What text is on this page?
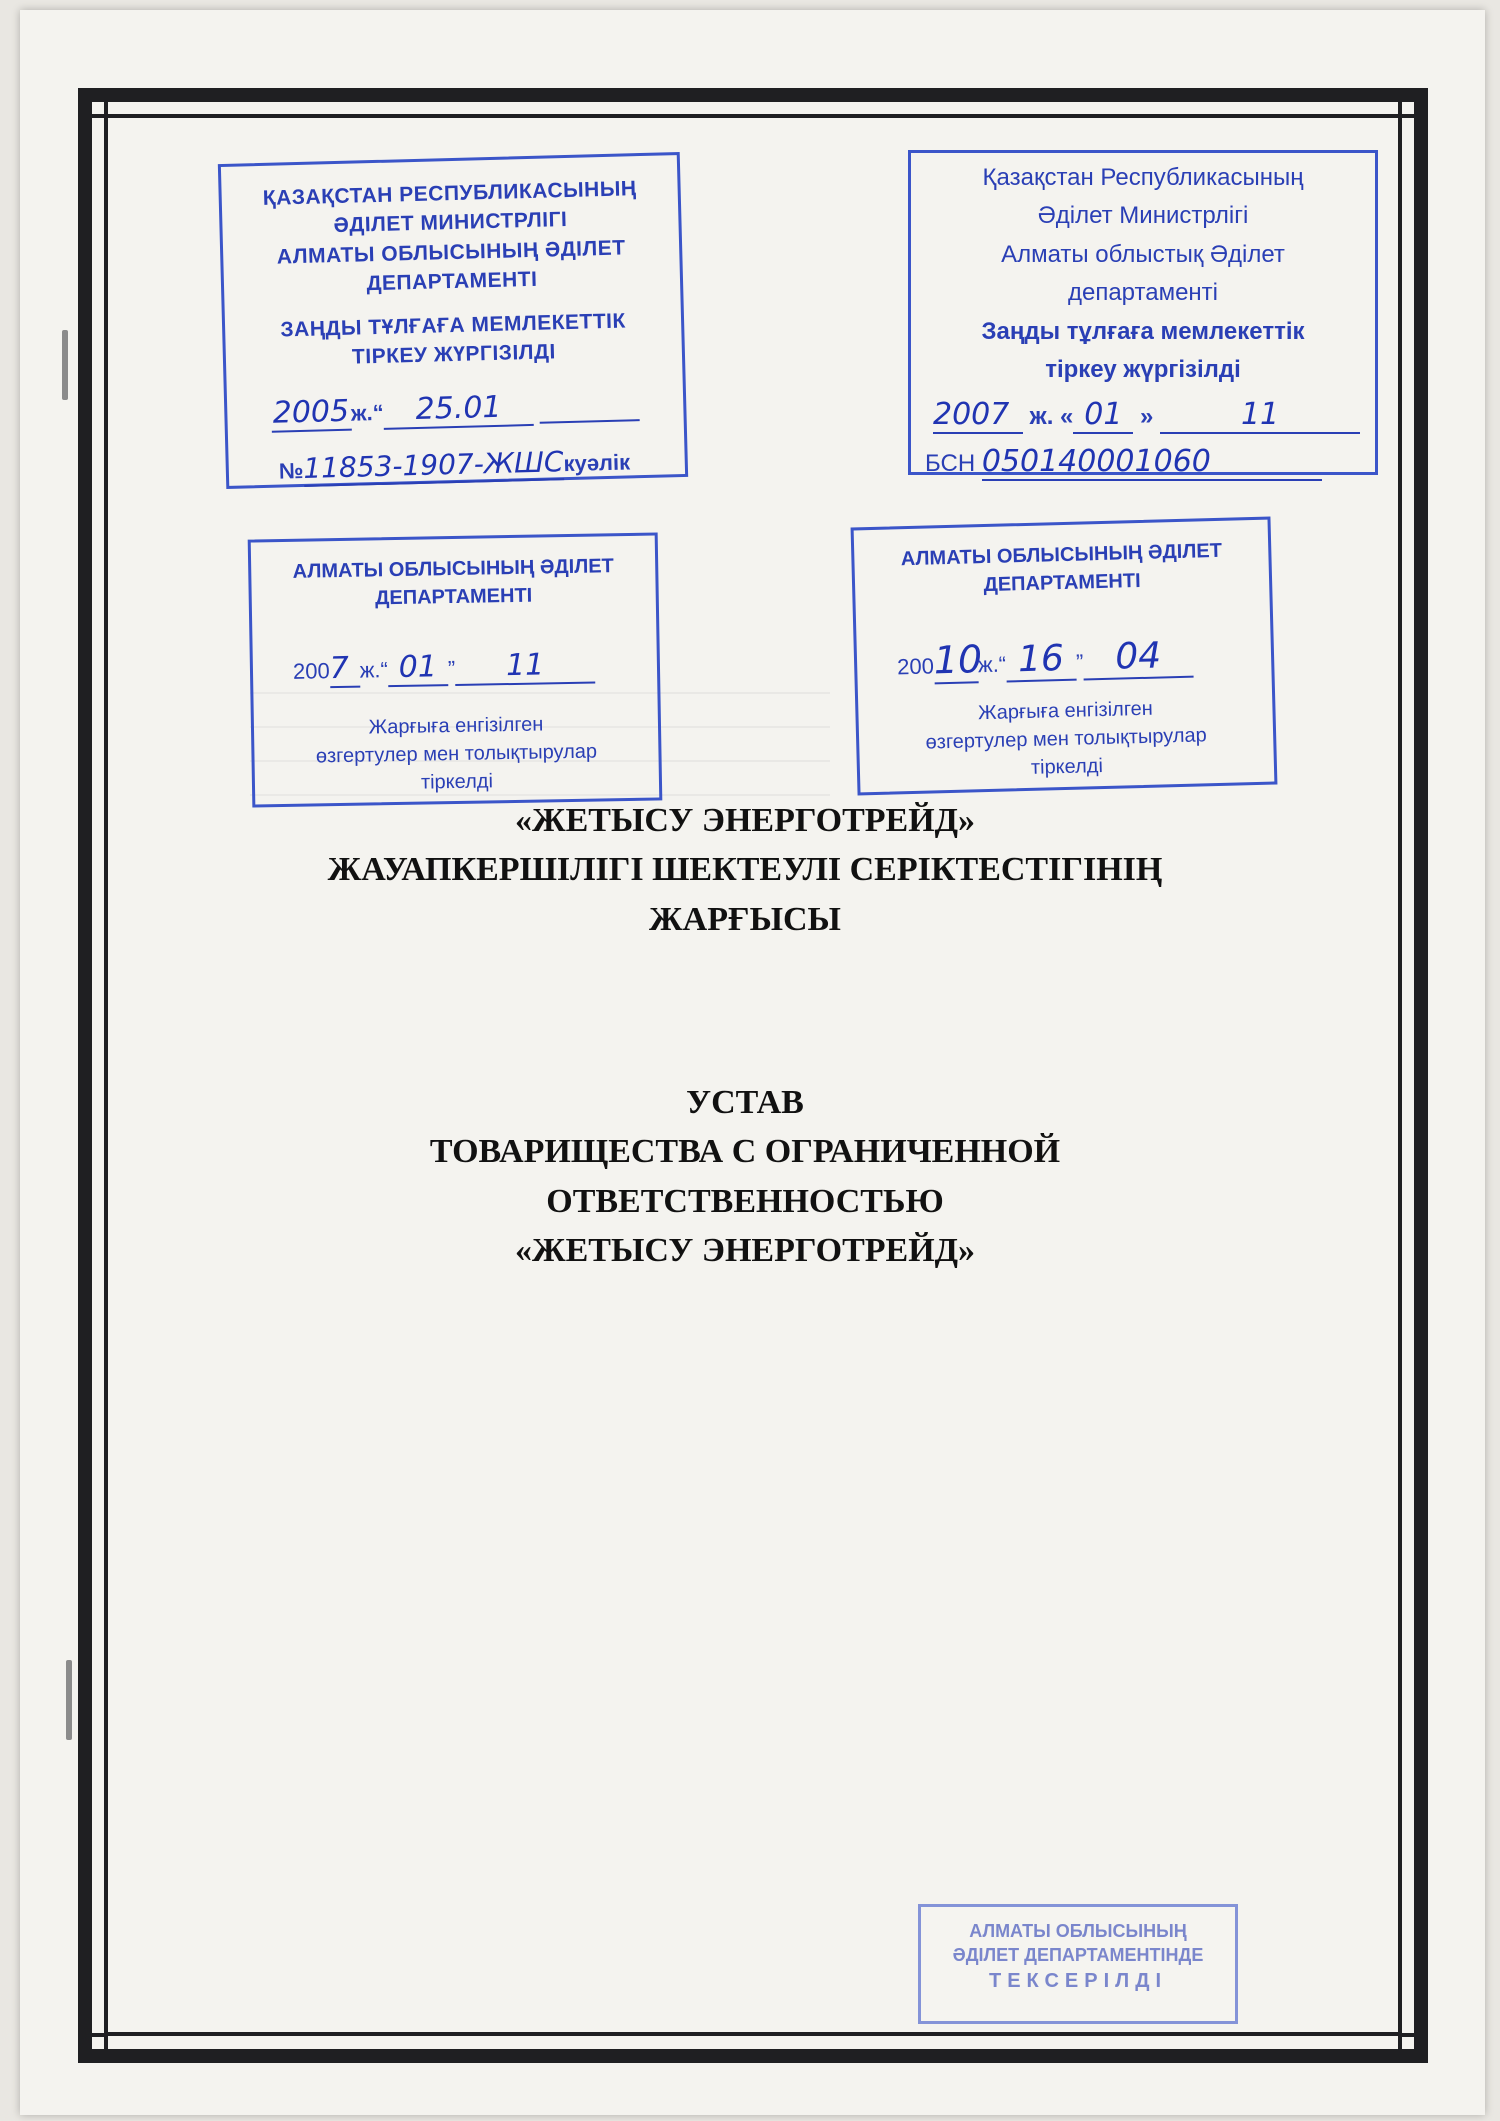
ҚАЗАҚСТАН РЕСПУБЛИКАСЫНЫҢ
ӘДІЛЕТ МИНИСТРЛІГІ
АЛМАТЫ ОБЛЫСЫНЫҢ ӘДІЛЕТ
ДЕПАРТАМЕНТІ
ЗАҢДЫ ТҰЛҒАҒА МЕМЛЕКЕТТІК
ТІРКЕУ ЖҮРГІЗІЛДІ
2005ж.“ 25.01
№11853-1907-ЖШСкуәлік
Қазақстан Республикасының
Әділет Министрлігі
Алматы облыстық Әділет
департаменті
Заңды тұлғаға мемлекеттік
тіркеу жүргізілді
2007 ж. « 01 »	11
БСН 050140001060
АЛМАТЫ ОБЛЫСЫНЫҢ ӘДІЛЕТ
ДЕПАРТАМЕНТІ
2007 ж.“ 01 ” 11
Жарғыға енгізілген
өзгертулер мен толықтырулар
тіркелді
АЛМАТЫ ОБЛЫСЫНЫҢ ӘДІЛЕТ
ДЕПАРТАМЕНТІ
20010ж.“ 16 ” 04
Жарғыға енгізілген
өзгертулер мен толықтырулар
тіркелді
«ЖЕТЫСУ ЭНЕРГОТРЕЙД»
ЖАУАПКЕРШІЛІГІ ШЕКТЕУЛІ СЕРІКТЕСТІГІНІҢ
ЖАРҒЫСЫ
УСТАВ
ТОВАРИЩЕСТВА С ОГРАНИЧЕННОЙ
ОТВЕТСТВЕННОСТЬЮ
«ЖЕТЫСУ ЭНЕРГОТРЕЙД»
АЛМАТЫ ОБЛЫСЫНЫҢ
ӘДІЛЕТ ДЕПАРТАМЕНТІНДЕ
ТЕКСЕРІЛДІ
